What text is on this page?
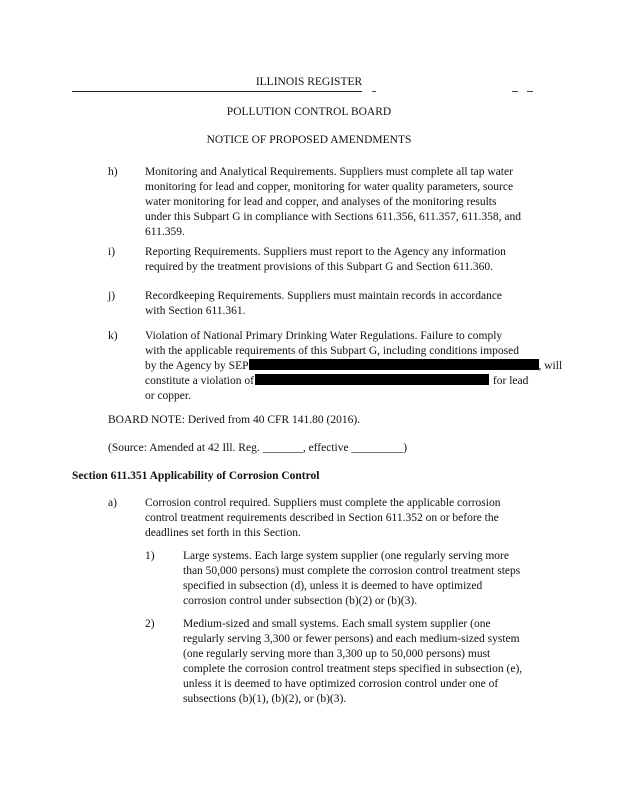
ILLINOIS REGISTER
POLLUTION CONTROL BOARD
NOTICE OF PROPOSED AMENDMENTS
h) Monitoring and Analytical Requirements. Suppliers must complete all tap water
monitoring for lead and copper, monitoring for water quality parameters, source
water monitoring for lead and copper, and analyses of the monitoring results
under this Subpart G in compliance with Sections 611.356, 611.357, 611.358, and
611.359.
i)	Reporting Requirements. Suppliers must report to the Agency any information
required by the treatment provisions of this Subpart G and Section 611.360.
j)	Recordkeeping Requirements. Suppliers must maintain records in accordance
with Section 611.361.
k) Violation of National Primary Drinking Water Regulations. Failure to comply
with the applicable requirements of this Subpart G, including conditions imposed
by the Agency by SEP	, will
constitute a violation of	for lead
or copper.
BOARD NOTE: Derived from 40 CFR 141.80 (2016).
(Source: Amended at 42 Ill. Reg. _______, effective _________)
Section 611.351 Applicability of Corrosion Control
a) Corrosion control required. Suppliers must complete the applicable corrosion
control treatment requirements described in Section 611.352 on or before the
deadlines set forth in this Section.
1) Large systems. Each large system supplier (one regularly serving more
than 50,000 persons) must complete the corrosion control treatment steps
specified in subsection (d), unless it is deemed to have optimized
corrosion control under subsection (b)(2) or (b)(3).
2) Medium-sized and small systems. Each small system supplier (one
regularly serving 3,300 or fewer persons) and each medium-sized system
(one regularly serving more than 3,300 up to 50,000 persons) must
complete the corrosion control treatment steps specified in subsection (e),
unless it is deemed to have optimized corrosion control under one of
subsections (b)(1), (b)(2), or (b)(3).
